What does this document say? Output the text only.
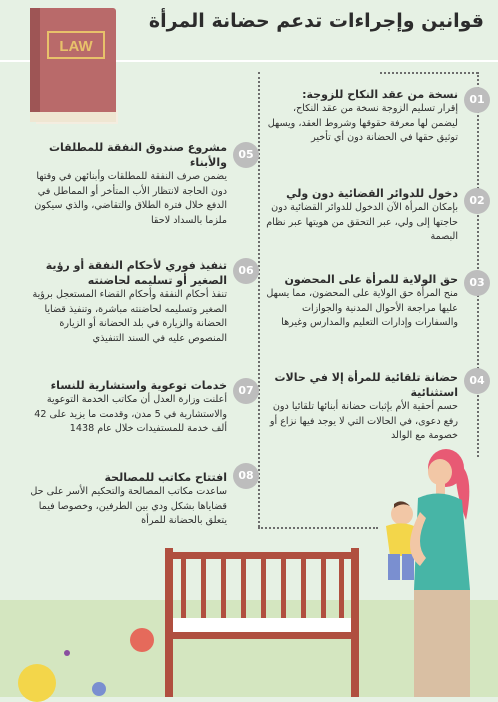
قوانين وإجراءات تدعم حضانة المرأة
LAW
01
02
03
04
05
06
07
08
نسخة من عقد النكاح للزوجة:
إقرار تسليم الزوجة نسخة من عقد النكاح، ليضمن لها معرفة حقوقها وشروط العقد، ويسهل توثيق حقها في الحضانة دون أي تأخير
دخول للدوائر القضائية دون ولي
بإمكان المرأة الآن الدخول للدوائر القضائية دون حاجتها إلى ولي، عبر التحقق من هويتها عبر نظام البصمة
حق الولاية للمرأة على المحضون
منح المرأة حق الولاية على المحضون، مما يسهل عليها مراجعة الأحوال المدنية والجوازات والسفارات وإدارات التعليم والمدارس وغيرها
حضانة تلقائية للمرأة إلا في حالات استثنائية
حسم أحقية الأم بإثبات حضانة أبنائها تلقائيا دون رفع دعوى، في الحالات التي لا يوجد فيها نزاع أو خصومة مع الوالد
مشروع صندوق النفقة للمطلقات والأبناء
يضمن صرف النفقة للمطلقات وأبنائهن في وقتها دون الحاجة لانتظار الأب المتأخر أو المماطل في الدفع خلال فترة الطلاق والتقاضي، والذي سيكون ملزما بالسداد لاحقا
تنفيذ فوري لأحكام النفقة أو رؤية الصغير أو تسليمه لحاضنته
تنفذ أحكام النفقة وأحكام القضاء المستعجل برؤية الصغير وتسليمه لحاضنته مباشرة، وتنفيذ قضايا الحضانة والزيارة في بلد الحضانة أو الزيارة المنصوص عليه في السند التنفيذي
خدمات توعوية واستشارية للنساء
أعلنت وزارة العدل أن مكاتب الخدمة التوعوية والاستشارية في 5 مدن، وقدمت ما يزيد على 42 ألف خدمة للمستفيدات خلال عام 1438
افتتاح مكاتب للمصالحة
ساعدت مكاتب المصالحة والتحكيم الأسر على حل قضاياها بشكل ودي بين الطرفين، وخصوصا فيما يتعلق بالحضانة للمرأة
